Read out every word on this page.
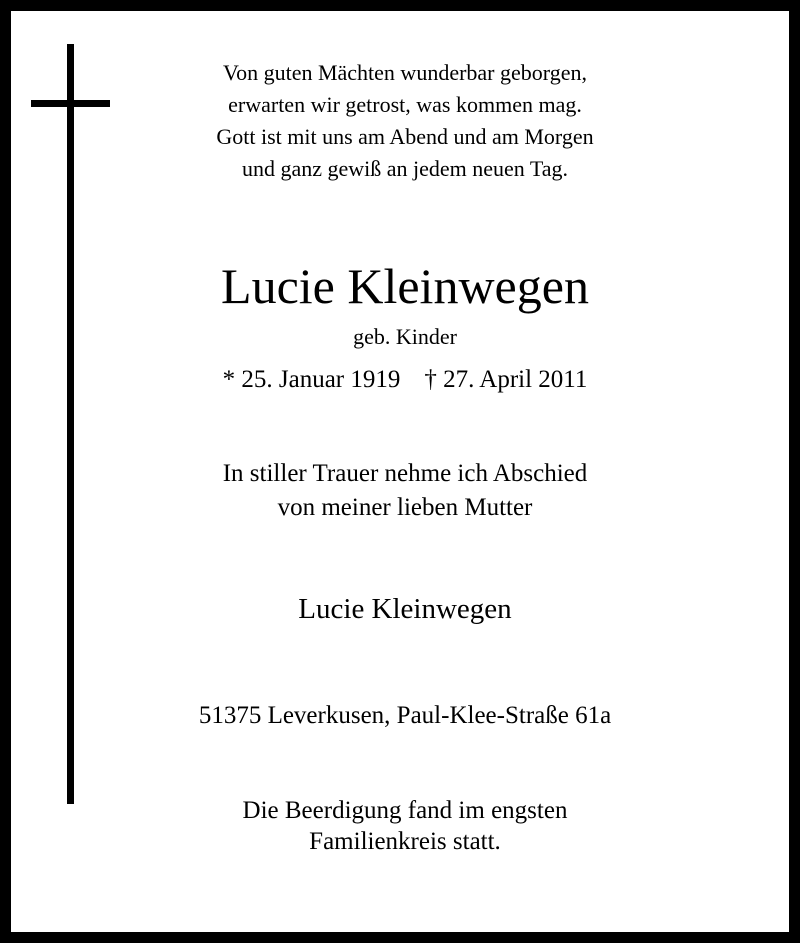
Von guten Mächten wunderbar geborgen,
erwarten wir getrost, was kommen mag.
Gott ist mit uns am Abend und am Morgen
und ganz gewiß an jedem neuen Tag.
Lucie Kleinwegen
geb. Kinder
* 25. Januar 1919 † 27. April 2011
In stiller Trauer nehme ich Abschied
von meiner lieben Mutter
Lucie Kleinwegen
51375 Leverkusen, Paul-Klee-Straße 61a
Die Beerdigung fand im engsten
Familienkreis statt.
